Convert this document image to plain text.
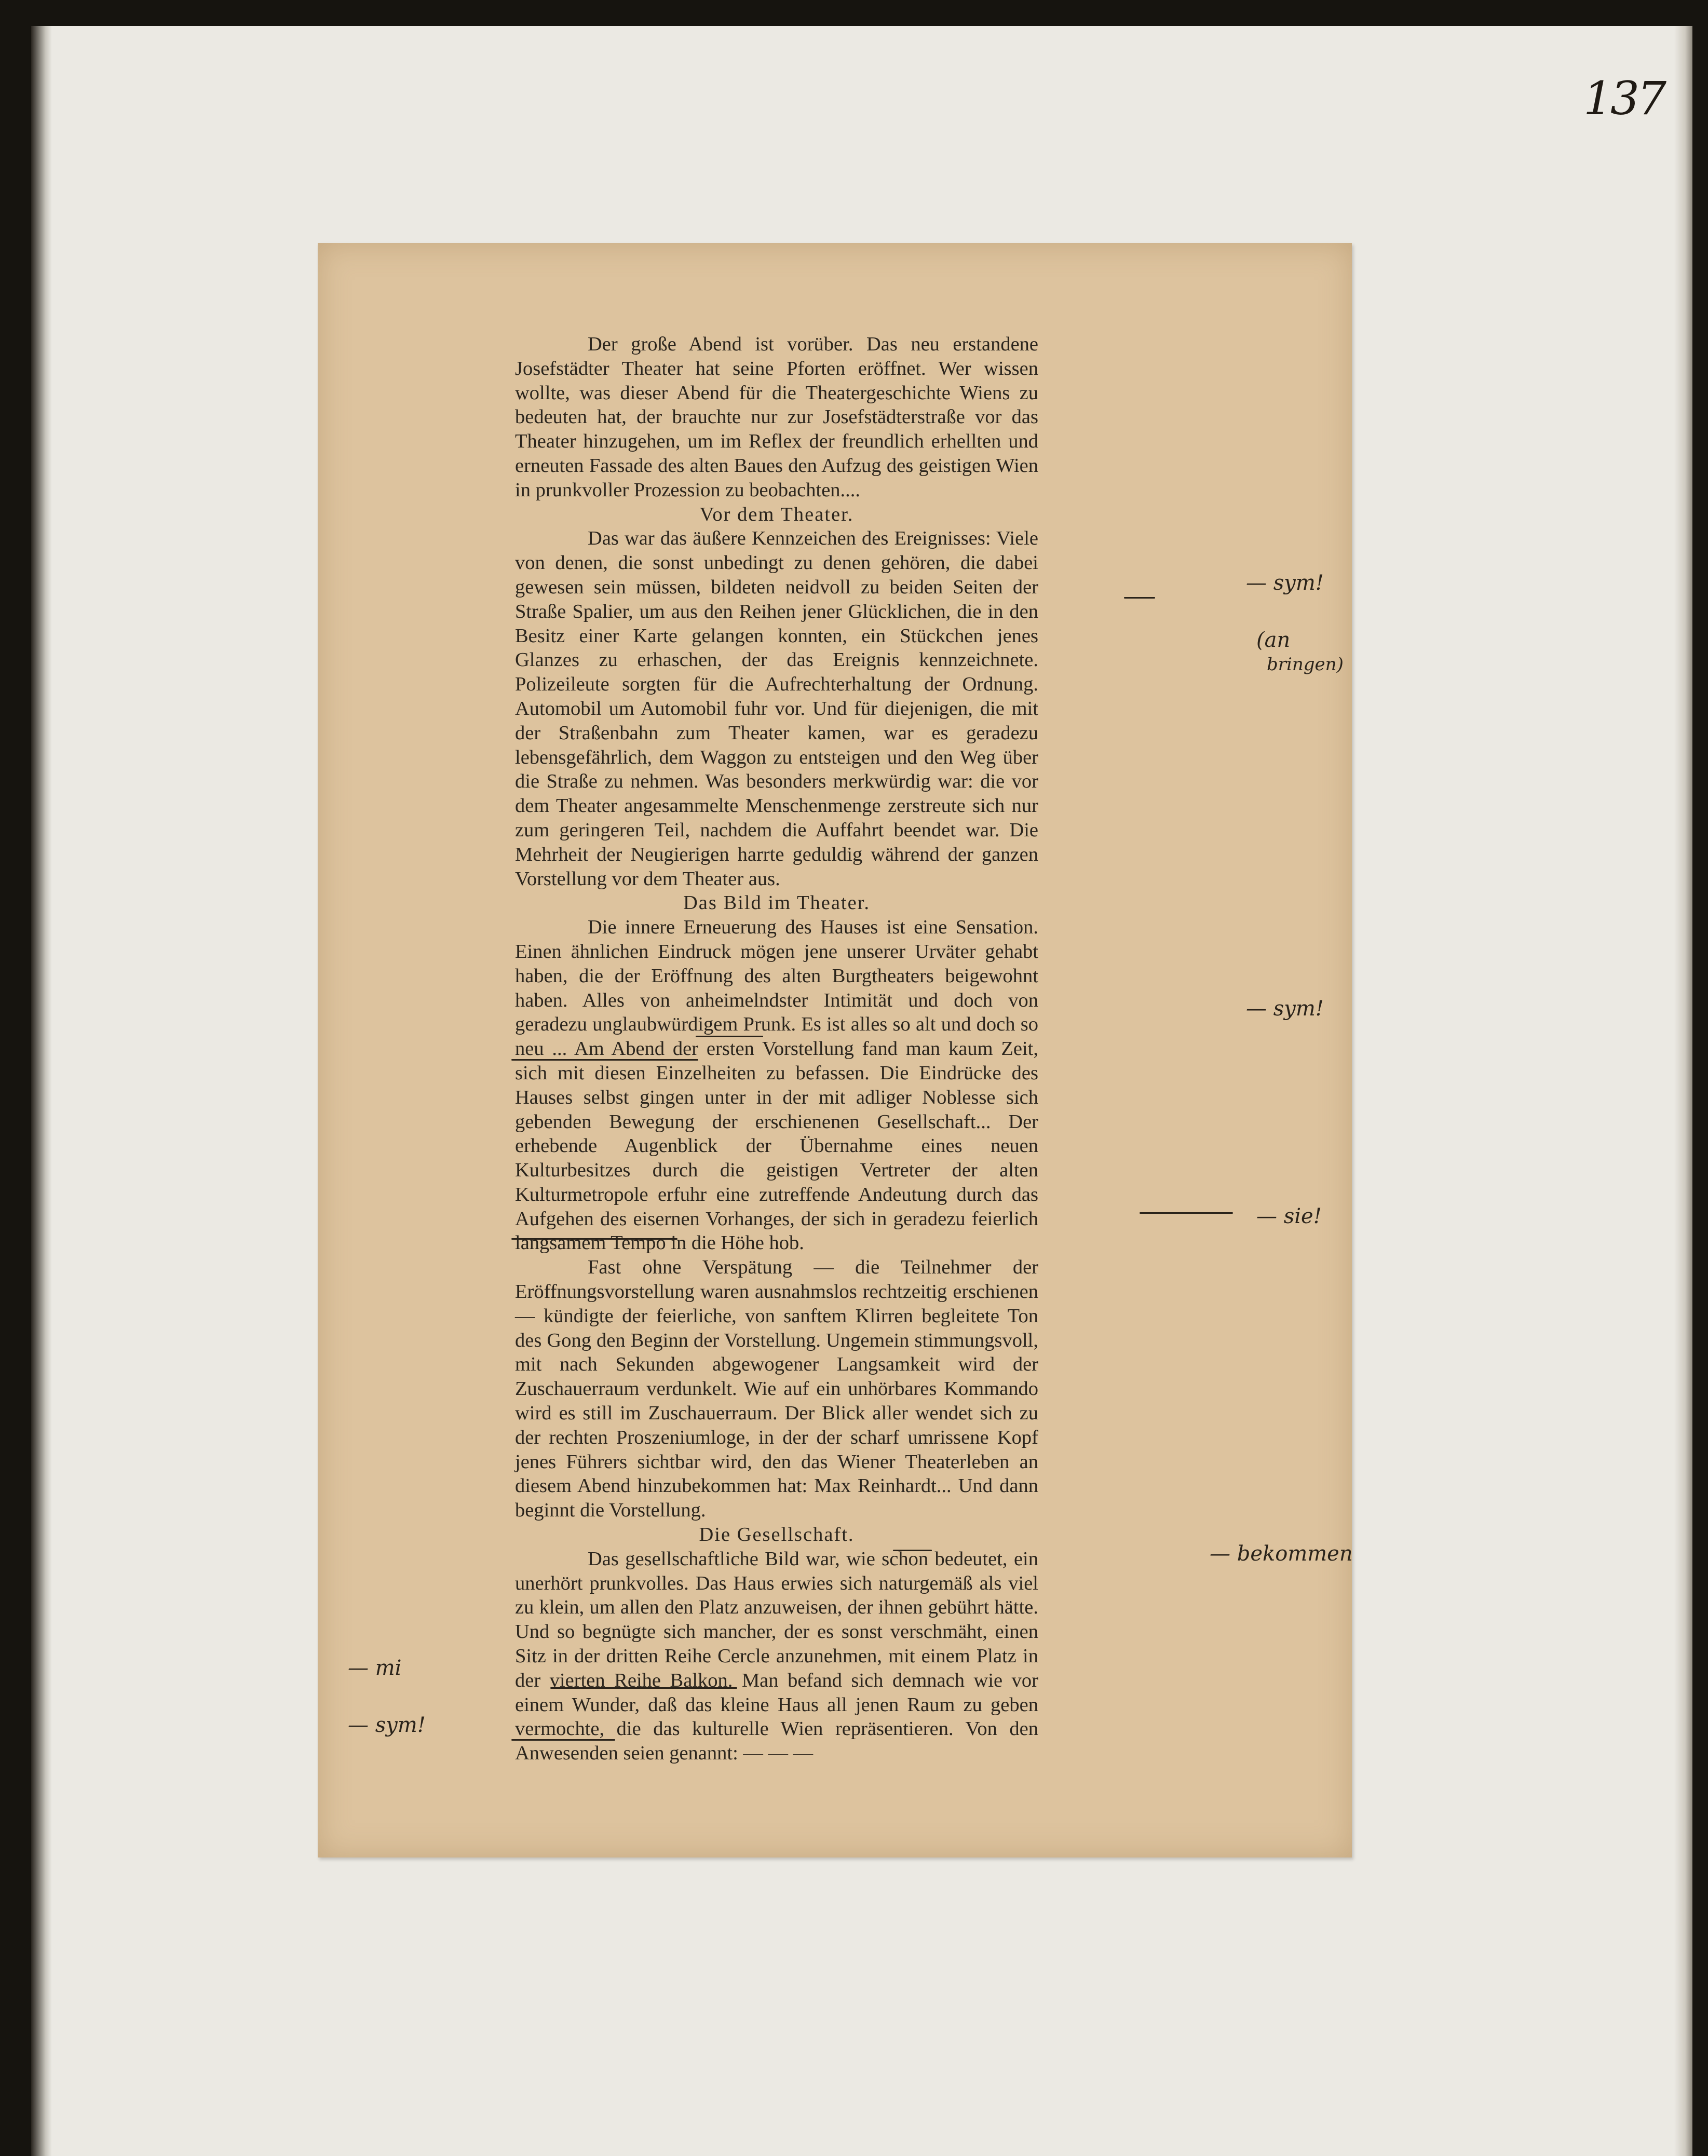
137

Der große Abend ist vorüber. Das neu erstandene Josefstädter Theater hat seine Pforten eröffnet. Wer wissen wollte, was dieser Abend für die Theatergeschichte Wiens zu bedeuten hat, der brauchte nur zur Josefstädterstraße vor das Theater hinzugehen, um im Reflex der freundlich erhellten und erneuten Fassade des alten Baues den Aufzug des geistigen Wien in prunkvoller Prozession zu beobachten....

Vor dem Theater.

Das war das äußere Kennzeichen des Ereignisses: Viele von denen, die sonst unbedingt zu denen gehören, die dabei gewesen sein müssen, bildeten neidvoll zu beiden Seiten der Straße Spalier, um aus den Reihen jener Glücklichen, die in den Besitz einer Karte gelangen konnten, ein Stückchen jenes Glanzes zu erhaschen, der das Ereignis kennzeichnete. Polizeileute sorgten für die Aufrechterhaltung der Ordnung. Automobil um Automobil fuhr vor. Und für diejenigen, die mit der Straßenbahn zum Theater kamen, war es geradezu lebensgefährlich, dem Waggon zu entsteigen und den Weg über die Straße zu nehmen. Was besonders merkwürdig war: die vor dem Theater angesammelte Menschenmenge zerstreute sich nur zum geringeren Teil, nachdem die Auffahrt beendet war. Die Mehrheit der Neugierigen harrte geduldig während der ganzen Vorstellung vor dem Theater aus.

Das Bild im Theater.

Die innere Erneuerung des Hauses ist eine Sensation. Einen ähnlichen Eindruck mögen jene unserer Urväter gehabt haben, die der Eröffnung des alten Burgtheaters beigewohnt haben. Alles von anheimelndster Intimität und doch von geradezu unglaubwürdigem Prunk. Es ist alles so alt und doch so neu ... Am Abend der ersten Vorstellung fand man kaum Zeit, sich mit diesen Einzelheiten zu befassen. Die Eindrücke des Hauses selbst gingen unter in der mit adliger Noblesse sich gebenden Bewegung der erschienenen Gesellschaft... Der erhebende Augenblick der Übernahme eines neuen Kulturbesitzes durch die geistigen Vertreter der alten Kulturmetropole erfuhr eine zutreffende Andeutung durch das Aufgehen des eisernen Vorhanges, der sich in geradezu feierlich langsamem Tempo in die Höhe hob.

Fast ohne Verspätung — die Teilnehmer der Eröffnungsvorstellung waren ausnahmslos rechtzeitig erschienen — kündigte der feierliche, von sanftem Klirren begleitete Ton des Gong den Beginn der Vorstellung. Ungemein stimmungsvoll, mit nach Sekunden abgewogener Langsamkeit wird der Zuschauerraum verdunkelt. Wie auf ein unhörbares Kommando wird es still im Zuschauerraum. Der Blick aller wendet sich zu der rechten Proszeniumloge, in der der scharf umrissene Kopf jenes Führers sichtbar wird, den das Wiener Theaterleben an diesem Abend hinzubekommen hat: Max Reinhardt... Und dann beginnt die Vorstellung.

Die Gesellschaft.

Das gesellschaftliche Bild war, wie schon bedeutet, ein unerhört prunkvolles. Das Haus erwies sich naturgemäß als viel zu klein, um allen den Platz anzuweisen, der ihnen gebührt hätte. Und so begnügte sich mancher, der es sonst verschmäht, einen Sitz in der dritten Reihe Cercle anzunehmen, mit einem Platz in der vierten Reihe Balkon. Man befand sich demnach wie vor einem Wunder, daß das kleine Haus all jenen Raum zu geben vermochte, die das kulturelle Wien repräsentieren. Von den Anwesenden seien genannt: — — —

— sym!
(an
bringen)
— sym!
— sie!
— bekommen
— mi
— sym!
